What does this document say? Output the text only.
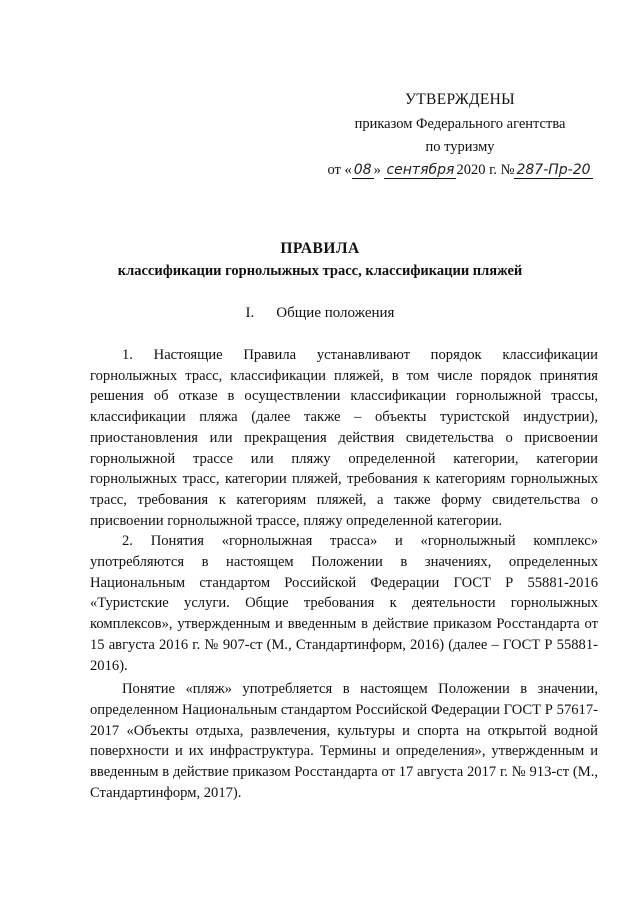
УТВЕРЖДЕНЫ
приказом Федерального агентства
по туризму
от « 08 » сентября 2020 г. № 287-Пр-20
ПРАВИЛА
классификации горнолыжных трасс, классификации пляжей
I. Общие положения

1. Настоящие Правила устанавливают порядок классификации горнолыжных трасс, классификации пляжей, в том числе порядок принятия решения об отказе в осуществлении классификации горнолыжной трассы, классификации пляжа (далее также – объекты туристской индустрии), приостановления или прекращения действия свидетельства о присвоении горнолыжной трассе или пляжу определенной категории, категории горнолыжных трасс, категории пляжей, требования к категориям горнолыжных трасс, требования к категориям пляжей, а также форму свидетельства о присвоении горнолыжной трассе, пляжу определенной категории.

2. Понятия «горнолыжная трасса» и «горнолыжный комплекс» употребляются в настоящем Положении в значениях, определенных Национальным стандартом Российской Федерации ГОСТ Р 55881-2016 «Туристские услуги. Общие требования к деятельности горнолыжных комплексов», утвержденным и введенным в действие приказом Росстандарта от 15 августа 2016 г. № 907-ст (М., Стандартинформ, 2016) (далее – ГОСТ Р 55881-2016).

Понятие «пляж» употребляется в настоящем Положении в значении, определенном Национальным стандартом Российской Федерации ГОСТ Р 57617-2017 «Объекты отдыха, развлечения, культуры и спорта на открытой водной поверхности и их инфраструктура. Термины и определения», утвержденным и введенным в действие приказом Росстандарта от 17 августа 2017 г. № 913-ст (М., Стандартинформ, 2017).
